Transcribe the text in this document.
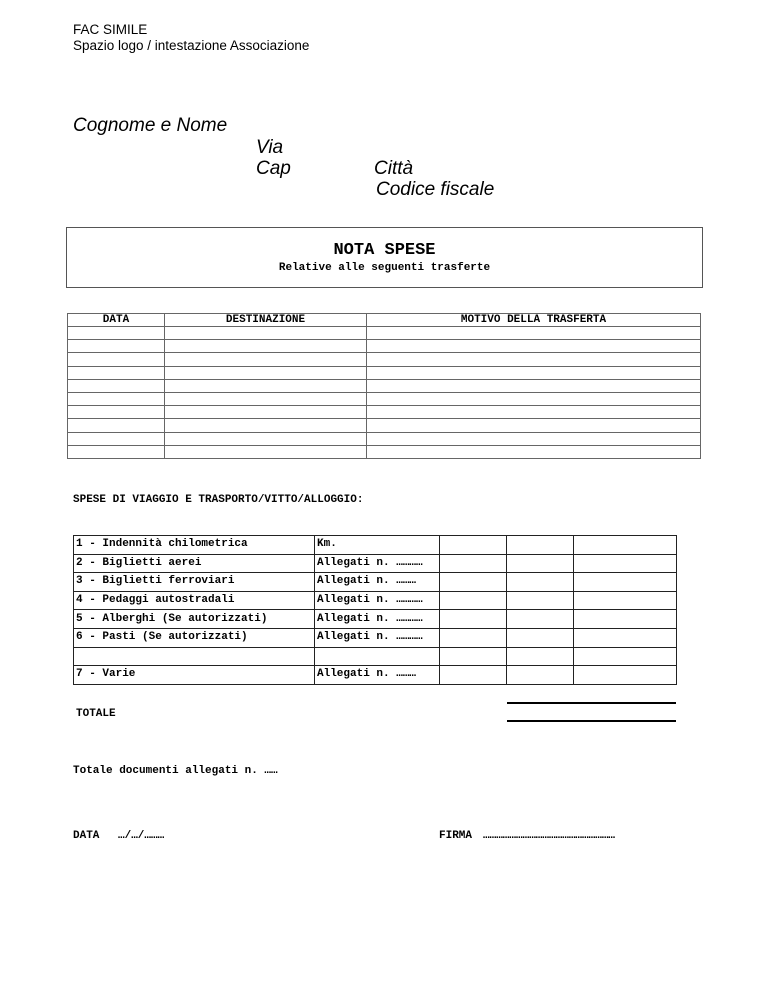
FAC SIMILE
Spazio logo / intestazione Associazione
Cognome e Nome
Via
Cap	Città
Codice fiscale
NOTA SPESE
Relative alle seguenti trasferte
DATA	DESTINAZIONE	MOTIVO DELLA TRASFERTA

SPESE DI VIAGGIO E TRASPORTO/VITTO/ALLOGGIO:
1 - Indennità chilometrica	Km.			
2 - Biglietti aerei	Allegati n. …………			
3 - Biglietti ferroviari	Allegati n. ………			
4 - Pedaggi autostradali	Allegati n. …………			
5 - Alberghi (Se autorizzati)	Allegati n. …………			
6 - Pasti (Se autorizzati)	Allegati n. …………			

7 - Varie	Allegati n. ………			
TOTALE
Totale documenti allegati n. ……
DATA …/…/………	FIRMA ……………………………………………………
